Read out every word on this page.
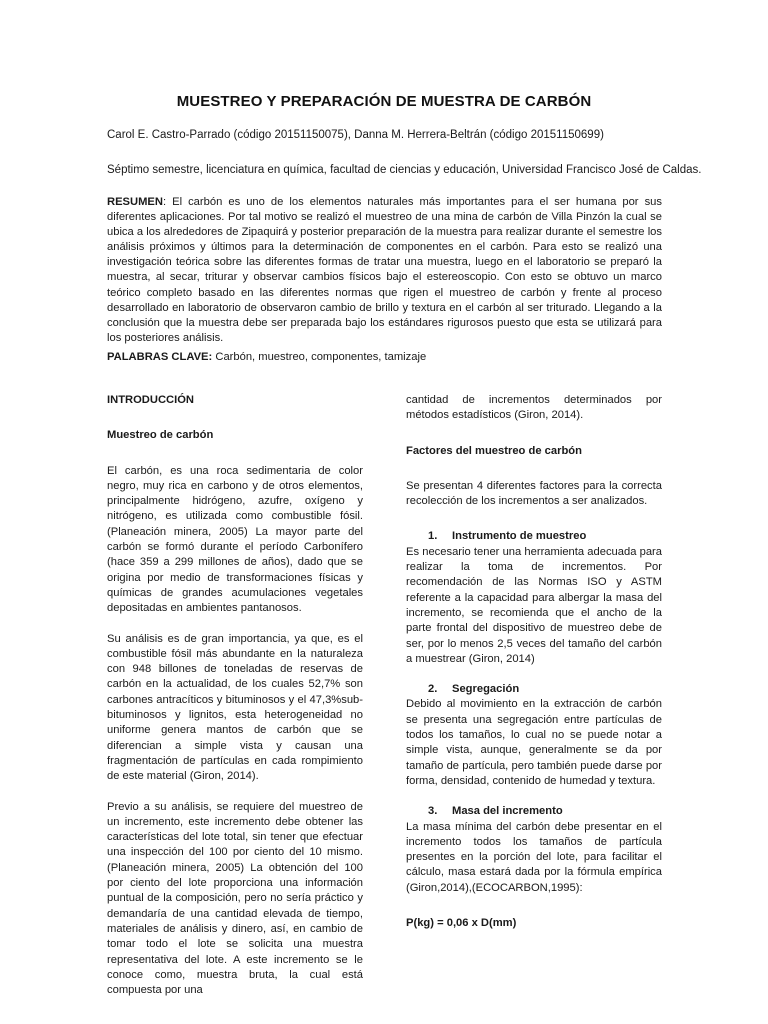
MUESTREO Y PREPARACIÓN DE MUESTRA DE CARBÓN
Carol E. Castro-Parrado (código 20151150075), Danna M. Herrera-Beltrán (código 20151150699)
Séptimo semestre, licenciatura en química, facultad de ciencias y educación, Universidad Francisco José de Caldas.
RESUMEN: El carbón es uno de los elementos naturales más importantes para el ser humana por sus diferentes aplicaciones. Por tal motivo se realizó el muestreo de una mina de carbón de Villa Pinzón la cual se ubica a los alrededores de Zipaquirá y posterior preparación de la muestra para realizar durante el semestre los análisis próximos y últimos para la determinación de componentes en el carbón. Para esto se realizó una investigación teórica sobre las diferentes formas de tratar una muestra, luego en el laboratorio se preparó la muestra, al secar, triturar y observar cambios físicos bajo el estereoscopio. Con esto se obtuvo un marco teórico completo basado en las diferentes normas que rigen el muestreo de carbón y frente al proceso desarrollado en laboratorio de observaron cambio de brillo y textura en el carbón al ser triturado. Llegando a la conclusión que la muestra debe ser preparada bajo los estándares rigurosos puesto que esta se utilizará para los posteriores análisis.
PALABRAS CLAVE: Carbón, muestreo, componentes, tamizaje

INTRODUCCIÓN

Muestreo de carbón

El carbón, es una roca sedimentaria de color negro, muy rica en carbono y de otros elementos, principalmente hidrógeno, azufre, oxígeno y nitrógeno, es utilizada como combustible fósil. (Planeación minera, 2005) La mayor parte del carbón se formó durante el período Carbonífero (hace 359 a 299 millones de años), dado que se origina por medio de transformaciones físicas y químicas de grandes acumulaciones vegetales depositadas en ambientes pantanosos.

Su análisis es de gran importancia, ya que, es el combustible fósil más abundante en la naturaleza con 948 billones de toneladas de reservas de carbón en la actualidad, de los cuales 52,7% son carbones antracíticos y bituminosos y el 47,3%sub-bituminosos y lignitos, esta heterogeneidad no uniforme genera mantos de carbón que se diferencian a simple vista y causan una fragmentación de partículas en cada rompimiento de este material (Giron, 2014).

Previo a su análisis, se requiere del muestreo de un incremento, este incremento debe obtener las características del lote total, sin tener que efectuar una inspección del 100 por ciento del 10 mismo. (Planeación minera, 2005) La obtención del 100 por ciento del lote proporciona una información puntual de la composición, pero no sería práctico y demandaría de una cantidad elevada de tiempo, materiales de análisis y dinero, así, en cambio de tomar todo el lote se solicita una muestra representativa del lote. A este incremento se le conoce como, muestra bruta, la cual está compuesta por una

cantidad de incrementos determinados por métodos estadísticos (Giron, 2014).

Factores del muestreo de carbón

Se presentan 4 diferentes factores para la correcta recolección de los incrementos a ser analizados.

1. Instrumento de muestreo

Es necesario tener una herramienta adecuada para realizar la toma de incrementos. Por recomendación de las Normas ISO y ASTM referente a la capacidad para albergar la masa del incremento, se recomienda que el ancho de la parte frontal del dispositivo de muestreo debe de ser, por lo menos 2,5 veces del tamaño del carbón a muestrear (Giron, 2014)

2. Segregación

Debido al movimiento en la extracción de carbón se presenta una segregación entre partículas de todos los tamaños, lo cual no se puede notar a simple vista, aunque, generalmente se da por tamaño de partícula, pero también puede darse por forma, densidad, contenido de humedad y textura.

3. Masa del incremento

La masa mínima del carbón debe presentar en el incremento todos los tamaños de partícula presentes en la porción del lote, para facilitar el cálculo, masa estará dada por la fórmula empírica (Giron,2014),(ECOCARBON,1995):

P(kg) = 0,06 x D(mm)
